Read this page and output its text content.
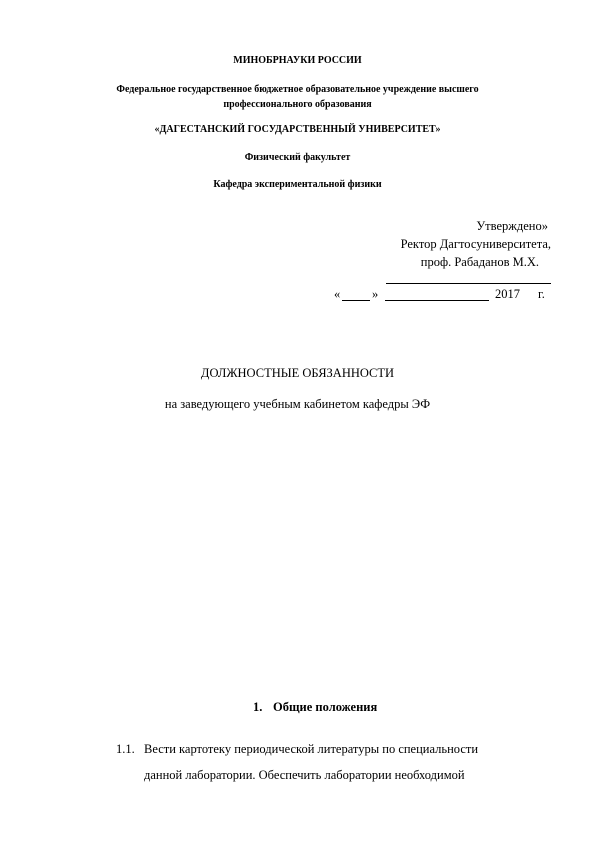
МИНОБРНАУКИ РОССИИ
Федеральное государственное бюджетное образовательное учреждение высшего
профессионального образования
«ДАГЕСТАНСКИЙ ГОСУДАРСТВЕННЫЙ УНИВЕРСИТЕТ»
Физический факультет
Кафедра экспериментальной физики
Утверждено»
Ректор Дагтосуниверситета,
проф. Рабаданов М.Х.
«	»	2017 г.
ДОЛЖНОСТНЫЕ ОБЯЗАННОСТИ
на заведующего учебным кабинетом кафедры ЭФ
1. Общие положения
1.1. Вести картотеку периодической литературы по специальности
данной лаборатории. Обеспечить лаборатории необходимой
